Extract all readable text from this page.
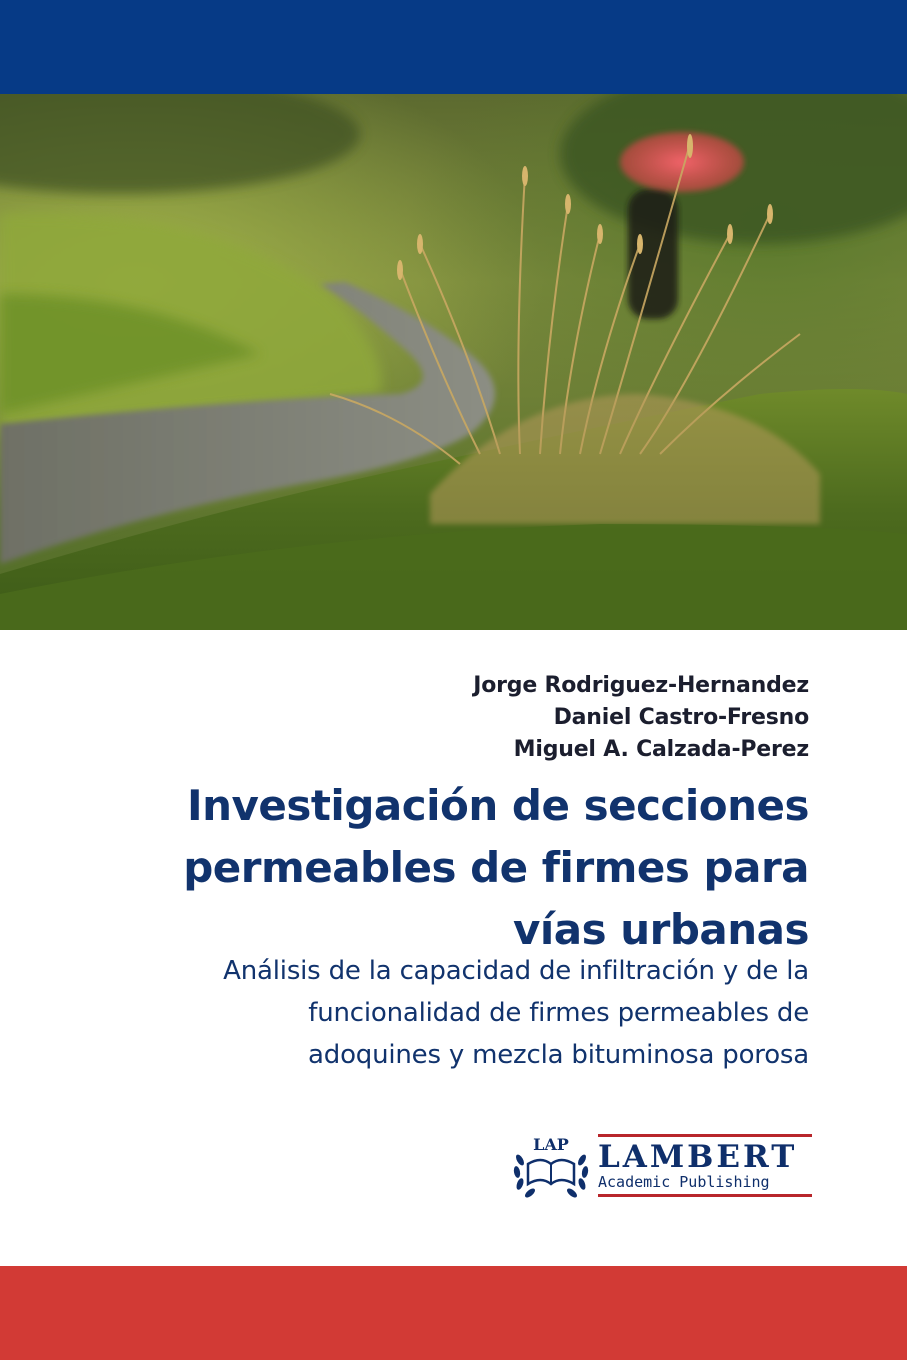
Jorge Rodriguez-Hernandez
Daniel Castro-Fresno
Miguel A. Calzada-Perez
Investigación de secciones
permeables de firmes para
vías urbanas
Análisis de la capacidad de infiltración y de la
funcionalidad de firmes permeables de
adoquines y mezcla bituminosa porosa
LAP LAMBERT
Academic Publishing
